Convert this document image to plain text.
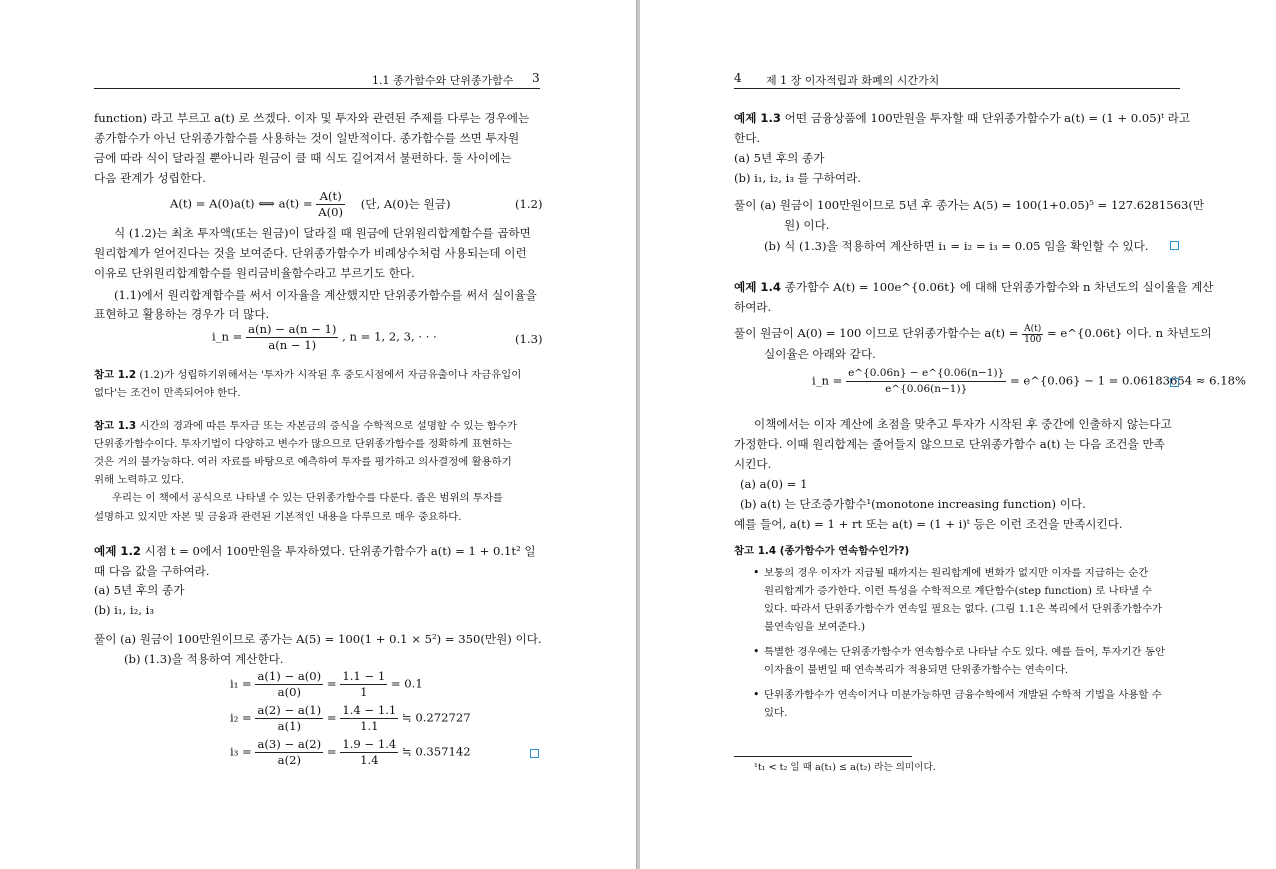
1.1 종가함수와 단위종가함수 3
function) 라고 부르고 a(t) 로 쓰겠다. 이자 및 투자와 관련된 주제를 다루는 경우에는
종가함수가 아닌 단위종가함수를 사용하는 것이 일반적이다. 종가함수를 쓰면 투자원
금에 따라 식이 달라질 뿐아니라 원금이 클 때 식도 길어져서 불편하다. 둘 사이에는
다음 관계가 성립한다.
A(t) = A(0)a(t) ⟺ $a(t) = \frac{A(t)}{A(0)}$ (단, A(0)는 원금)	(1.2)
식 (1.2)는 최초 투자액(또는 원금)이 달라질 때 원금에 단위원리합계함수를 곱하면
원리합계가 얻어진다는 것을 보여준다. 단위종가함수가 비례상수처럼 사용되는데 이런
이유로 단위원리합계함수를 원리금비율함수라고 부르기도 한다.
(1.1)에서 원리합계함수를 써서 이자율을 계산했지만 단위종가함수를 써서 실이율을
표현하고 활용하는 경우가 더 많다.
i_n = $\frac{a(n) - a(n - 1)}{a(n - 1)}$ , n = 1, 2, 3, · · ·	(1.3)
참고 1.2 (1.2)가 성립하기위해서는 '투자가 시작된 후 중도시점에서 자금유출이나 자금유입이
없다'는 조건이 만족되어야 한다.
참고 1.3 시간의 경과에 따른 투자금 또는 자본금의 증식을 수학적으로 설명할 수 있는 함수가
단위종가함수이다. 투자기법이 다양하고 변수가 많으므로 단위종가함수를 정확하게 표현하는
것은 거의 불가능하다. 여러 자료를 바탕으로 예측하여 투자를 평가하고 의사결정에 활용하기
위해 노력하고 있다.
우리는 이 책에서 공식으로 나타낼 수 있는 단위종가함수를 다룬다. 좁은 범위의 투자를
설명하고 있지만 자본 및 금융과 관련된 기본적인 내용을 다루므로 매우 중요하다.
예제 1.2 시점 t = 0에서 100만원을 투자하였다. 단위종가함수가 a(t) = 1 + 0.1t² 일
때 다음 값을 구하여라.
(a) 5년 후의 종가
(b) i₁, i₂, i₃
풀이 (a) 원금이 100만원이므로 종가는 A(5) = 100(1 + 0.1 × 5²) = 350(만원) 이다.
(b) (1.3)을 적용하여 계산한다.
$i_1 = \frac{a(1) - a(0)}{a(0)} = \frac{1.1 - 1}{1} = 0.1$
$i_2 = \frac{a(2) - a(1)}{a(1)} = \frac{1.4 - 1.1}{1.1}$ ≒ 0.272727
$i_3 = \frac{a(3) - a(2)}{a(2)} = \frac{1.9 - 1.4}{1.4}$ ≒ 0.357142
4 제 1 장 이자적립과 화폐의 시간가치
예제 1.3 어떤 금융상품에 100만원을 투자할 때 단위종가함수가 a(t) = (1 + 0.05)ᵗ 라고
한다.
(a) 5년 후의 종가
(b) i₁, i₂, i₃ 를 구하여라.
풀이 (a) 원금이 100만원이므로 5년 후 종가는 A(5) = 100(1+0.05)⁵ = 127.6281563(만
원) 이다.
(b) 식 (1.3)을 적용하여 계산하면 i₁ = i₂ = i₃ = 0.05 임을 확인할 수 있다.
예제 1.4 종가함수 A(t) = 100e^{0.06t} 에 대해 단위종가함수와 n 차년도의 실이율을 계산
하여라.
풀이 원금이 A(0) = 100 이므로 단위종가함수는 $a(t) = \frac{A(t)}{100}$ = e^{0.06t} 이다. n 차년도의
실이율은 아래와 같다.
i_n = $\frac{e\^{}\{0.06n\} - e\^{}\{0.06(n-1)\}}{e\^{}\{0.06(n-1)\}}$ = e^{0.06} − 1 = 0.06183654 ≈ 6.18%
이책에서는 이자 계산에 초점을 맞추고 투자가 시작된 후 중간에 인출하지 않는다고
가정한다. 이때 원리합계는 줄어들지 않으므로 단위종가함수 a(t) 는 다음 조건을 만족
시킨다.
(a) a(0) = 1
(b) a(t) 는 단조증가함수¹(monotone increasing function) 이다.
예를 들어, a(t) = 1 + rt 또는 a(t) = (1 + i)ᵗ 등은 이런 조건을 만족시킨다.
참고 1.4 (종가함수가 연속함수인가?)
• 보통의 경우 이자가 지급될 때까지는 원리합계에 변화가 없지만 이자를 지급하는 순간
원리합계가 증가한다. 이런 특성을 수학적으로 계단함수(step function) 로 나타낼 수
있다. 따라서 단위종가함수가 연속일 필요는 없다. (그림 1.1은 복리에서 단위종가함수가
불연속임을 보여준다.)
• 특별한 경우에는 단위종가함수가 연속함수로 나타날 수도 있다. 예를 들어, 투자기간 동안
이자율이 불변일 때 연속복리가 적용되면 단위종가함수는 연속이다.
• 단위종가함수가 연속이거나 미분가능하면 금융수학에서 개발된 수학적 기법을 사용할 수
있다.
¹t₁ < t₂ 일 때 a(t₁) ≤ a(t₂) 라는 의미이다.
